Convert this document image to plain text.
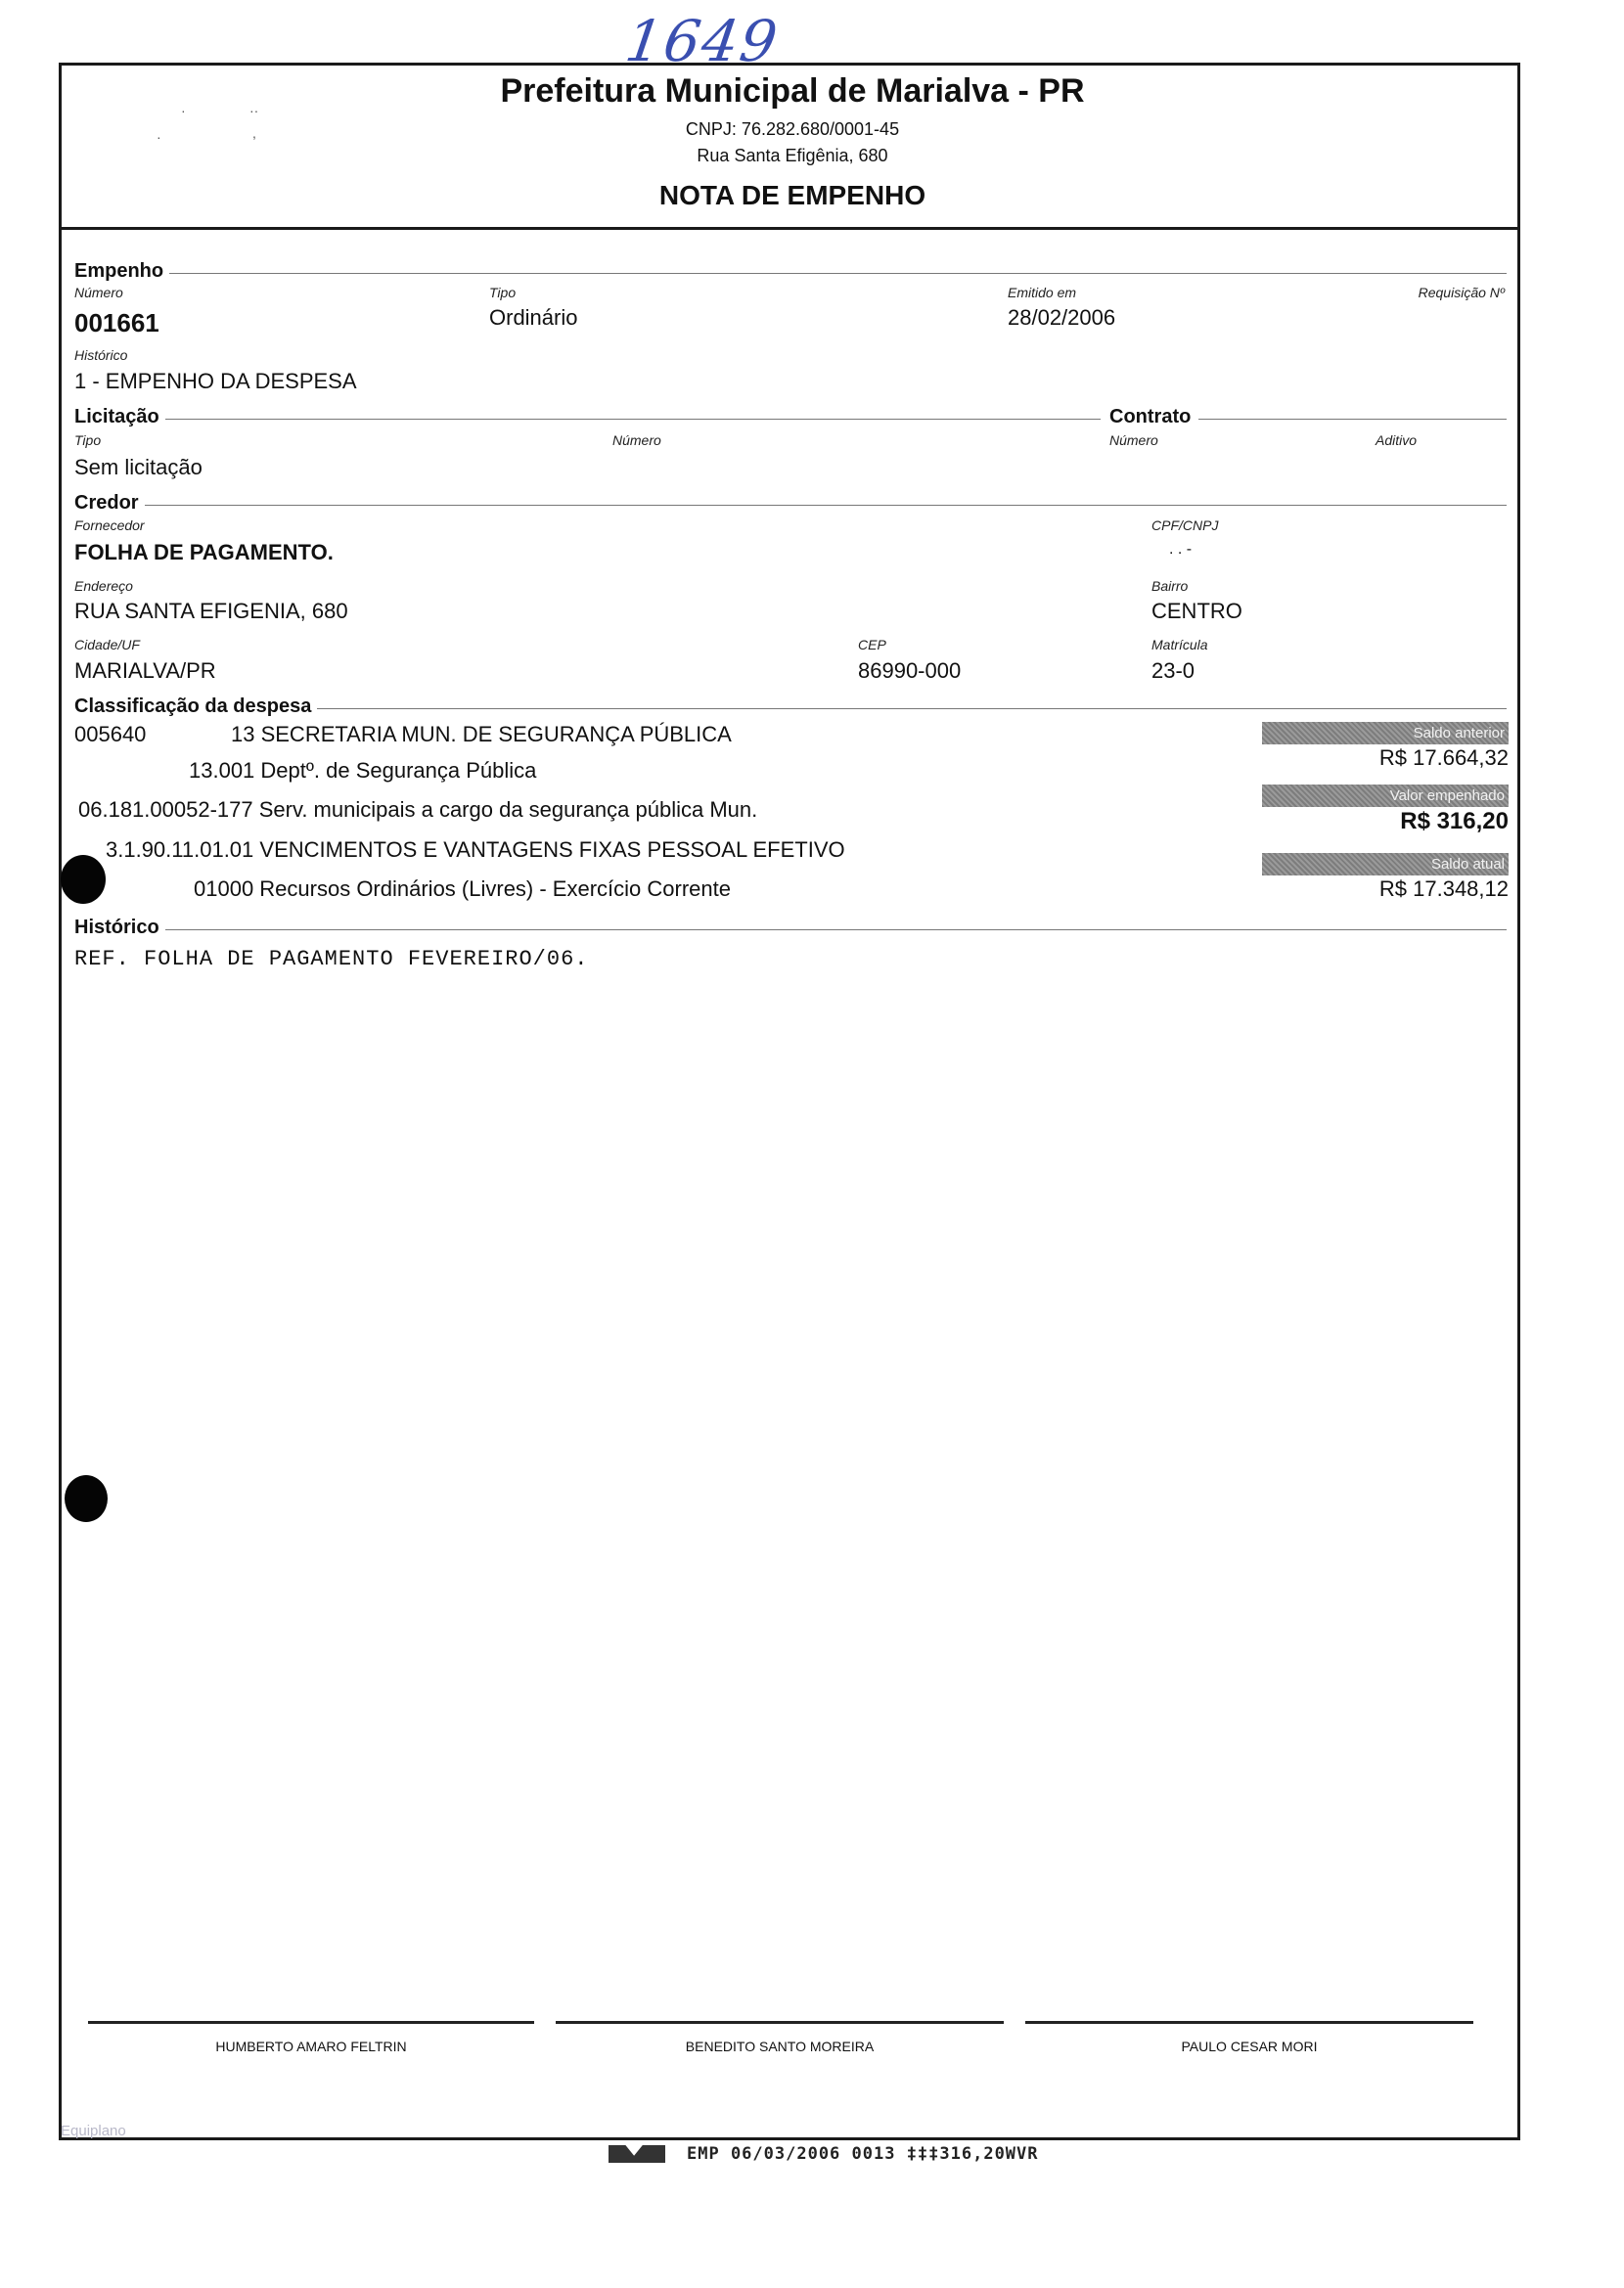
1649
·	··
·	,
Prefeitura Municipal de Marialva - PR
CNPJ: 76.282.680/0001-45
Rua Santa Efigênia, 680
NOTA DE EMPENHO
Empenho
Número
001661
Tipo
Ordinário
Emitido em
28/02/2006
Requisição Nº
Histórico
1 - EMPENHO DA DESPESA
Licitação	Contrato
Tipo
Sem licitação
Número	Número	Aditivo
Credor
Fornecedor
FOLHA DE PAGAMENTO.
CPF/CNPJ
. . -
Endereço
RUA SANTA EFIGENIA, 680
Bairro
CENTRO
Cidade/UF
MARIALVA/PR
CEP
86990-000
Matrícula
23-0
Classificação da despesa
005640	13 SECRETARIA MUN. DE SEGURANÇA PÚBLICA
13.001 Deptº. de Segurança Pública
06.181.00052-177 Serv. municipais a cargo da segurança pública Mun.
3.1.90.11.01.01 VENCIMENTOS E VANTAGENS FIXAS PESSOAL EFETIVO
01000 Recursos Ordinários (Livres) - Exercício Corrente
Saldo anterior
R$ 17.664,32
Valor empenhado
R$ 316,20
Saldo atual
R$ 17.348,12
Histórico
REF. FOLHA DE PAGAMENTO FEVEREIRO/06.
HUMBERTO AMARO FELTRIN	BENEDITO SANTO MOREIRA	PAULO CESAR MORI
Equiplano
EMP 06/03/2006 0013 ‡‡‡316,20WVR
